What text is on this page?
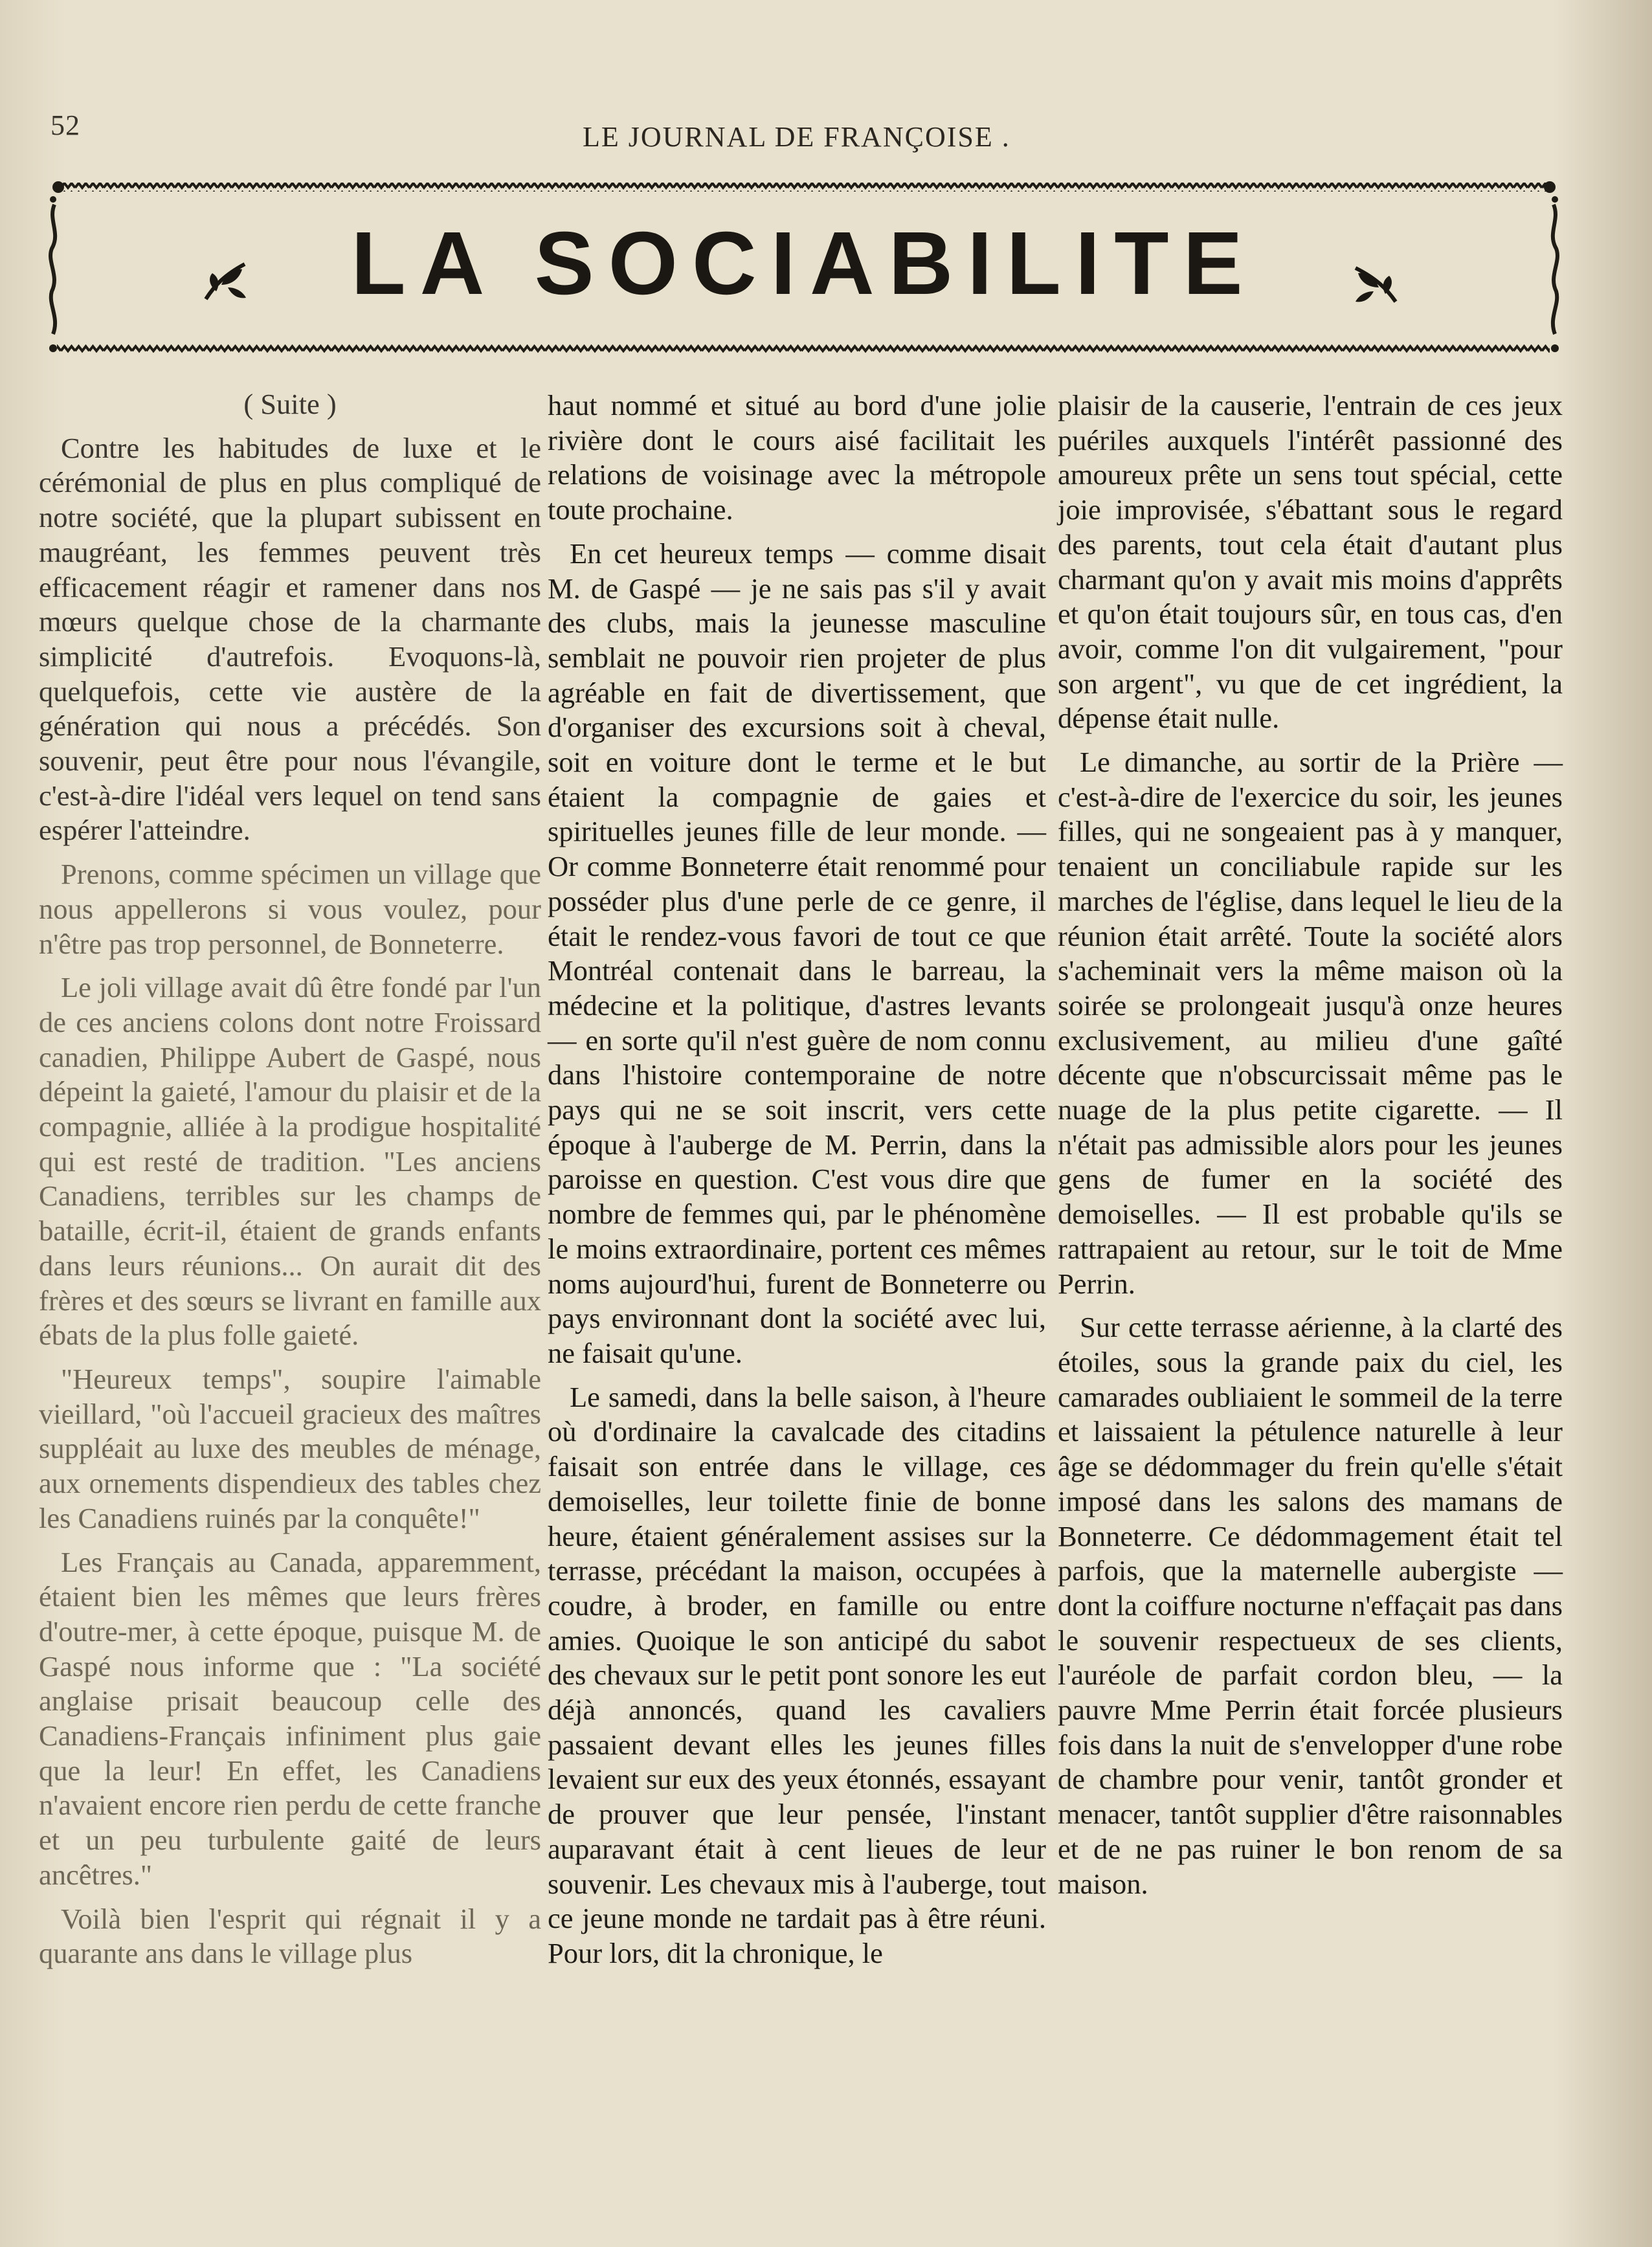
52	LE JOURNAL DE FRANÇOISE .
LA SOCIABILITE

( Suite )

Contre les habitudes de luxe et le cérémonial de plus en plus compliqué de notre société, que la plupart subissent en maugréant, les femmes peuvent très efficacement réagir et ramener dans nos mœurs quelque chose de la charmante simplicité d'autrefois. Evoquons-là, quelquefois, cette vie austère de la génération qui nous a précédés. Son souvenir, peut être pour nous l'évangile, c'est-à-dire l'idéal vers lequel on tend sans espérer l'atteindre.

Prenons, comme spécimen un village que nous appellerons si vous voulez, pour n'être pas trop personnel, de Bonneterre.

Le joli village avait dû être fondé par l'un de ces anciens colons dont notre Froissard canadien, Philippe Aubert de Gaspé, nous dépeint la gaieté, l'amour du plaisir et de la compagnie, alliée à la prodigue hospitalité qui est resté de tradition. "Les anciens Canadiens, terribles sur les champs de bataille, écrit-il, étaient de grands enfants dans leurs réunions... On aurait dit des frères et des sœurs se livrant en famille aux ébats de la plus folle gaieté.

"Heureux temps", soupire l'aimable vieillard, "où l'accueil gracieux des maîtres suppléait au luxe des meubles de ménage, aux ornements dispendieux des tables chez les Canadiens ruinés par la conquête!"

Les Français au Canada, apparemment, étaient bien les mêmes que leurs frères d'outre-mer, à cette époque, puisque M. de Gaspé nous informe que : "La société anglaise prisait beaucoup celle des Canadiens-Français infiniment plus gaie que la leur! En effet, les Canadiens n'avaient encore rien perdu de cette franche et un peu turbulente gaité de leurs ancêtres."

Voilà bien l'esprit qui régnait il y a quarante ans dans le village plus

haut nommé et situé au bord d'une jolie rivière dont le cours aisé facilitait les relations de voisinage avec la métropole toute prochaine.

En cet heureux temps — comme disait M. de Gaspé — je ne sais pas s'il y avait des clubs, mais la jeunesse masculine semblait ne pouvoir rien projeter de plus agréable en fait de divertissement, que d'organiser des excursions soit à cheval, soit en voiture dont le terme et le but étaient la compagnie de gaies et spirituelles jeunes fille de leur monde. — Or comme Bonneterre était renommé pour posséder plus d'une perle de ce genre, il était le rendez-vous favori de tout ce que Montréal contenait dans le barreau, la médecine et la politique, d'astres levants — en sorte qu'il n'est guère de nom connu dans l'histoire contemporaine de notre pays qui ne se soit inscrit, vers cette époque à l'auberge de M. Perrin, dans la paroisse en question. C'est vous dire que nombre de femmes qui, par le phénomène le moins extraordinaire, portent ces mêmes noms aujourd'hui, furent de Bonneterre ou pays environnant dont la société avec lui, ne faisait qu'une.

Le samedi, dans la belle saison, à l'heure où d'ordinaire la cavalcade des citadins faisait son entrée dans le village, ces demoiselles, leur toilette finie de bonne heure, étaient généralement assises sur la terrasse, précédant la maison, occupées à coudre, à broder, en famille ou entre amies. Quoique le son anticipé du sabot des chevaux sur le petit pont sonore les eut déjà annoncés, quand les cavaliers passaient devant elles les jeunes filles levaient sur eux des yeux étonnés, essayant de prouver que leur pensée, l'instant auparavant était à cent lieues de leur souvenir. Les chevaux mis à l'auberge, tout ce jeune monde ne tardait pas à être réuni. Pour lors, dit la chronique, le

plaisir de la causerie, l'entrain de ces jeux puériles auxquels l'intérêt passionné des amoureux prête un sens tout spécial, cette joie improvisée, s'ébattant sous le regard des parents, tout cela était d'autant plus charmant qu'on y avait mis moins d'apprêts et qu'on était toujours sûr, en tous cas, d'en avoir, comme l'on dit vulgairement, "pour son argent", vu que de cet ingrédient, la dépense était nulle.

Le dimanche, au sortir de la Prière — c'est-à-dire de l'exercice du soir, les jeunes filles, qui ne songeaient pas à y manquer, tenaient un conciliabule rapide sur les marches de l'église, dans lequel le lieu de la réunion était arrêté. Toute la société alors s'acheminait vers la même maison où la soirée se prolongeait jusqu'à onze heures exclusivement, au milieu d'une gaîté décente que n'obscurcissait même pas le nuage de la plus petite cigarette. — Il n'était pas admissible alors pour les jeunes gens de fumer en la société des demoiselles. — Il est probable qu'ils se rattrapaient au retour, sur le toit de Mme Perrin.

Sur cette terrasse aérienne, à la clarté des étoiles, sous la grande paix du ciel, les camarades oubliaient le sommeil de la terre et laissaient la pétulence naturelle à leur âge se dédommager du frein qu'elle s'était imposé dans les salons des mamans de Bonneterre. Ce dédommagement était tel parfois, que la maternelle aubergiste — dont la coiffure nocturne n'effaçait pas dans le souvenir respectueux de ses clients, l'auréole de parfait cordon bleu, — la pauvre Mme Perrin était forcée plusieurs fois dans la nuit de s'envelopper d'une robe de chambre pour venir, tantôt gronder et menacer, tantôt supplier d'être raisonnables et de ne pas ruiner le bon renom de sa maison.
